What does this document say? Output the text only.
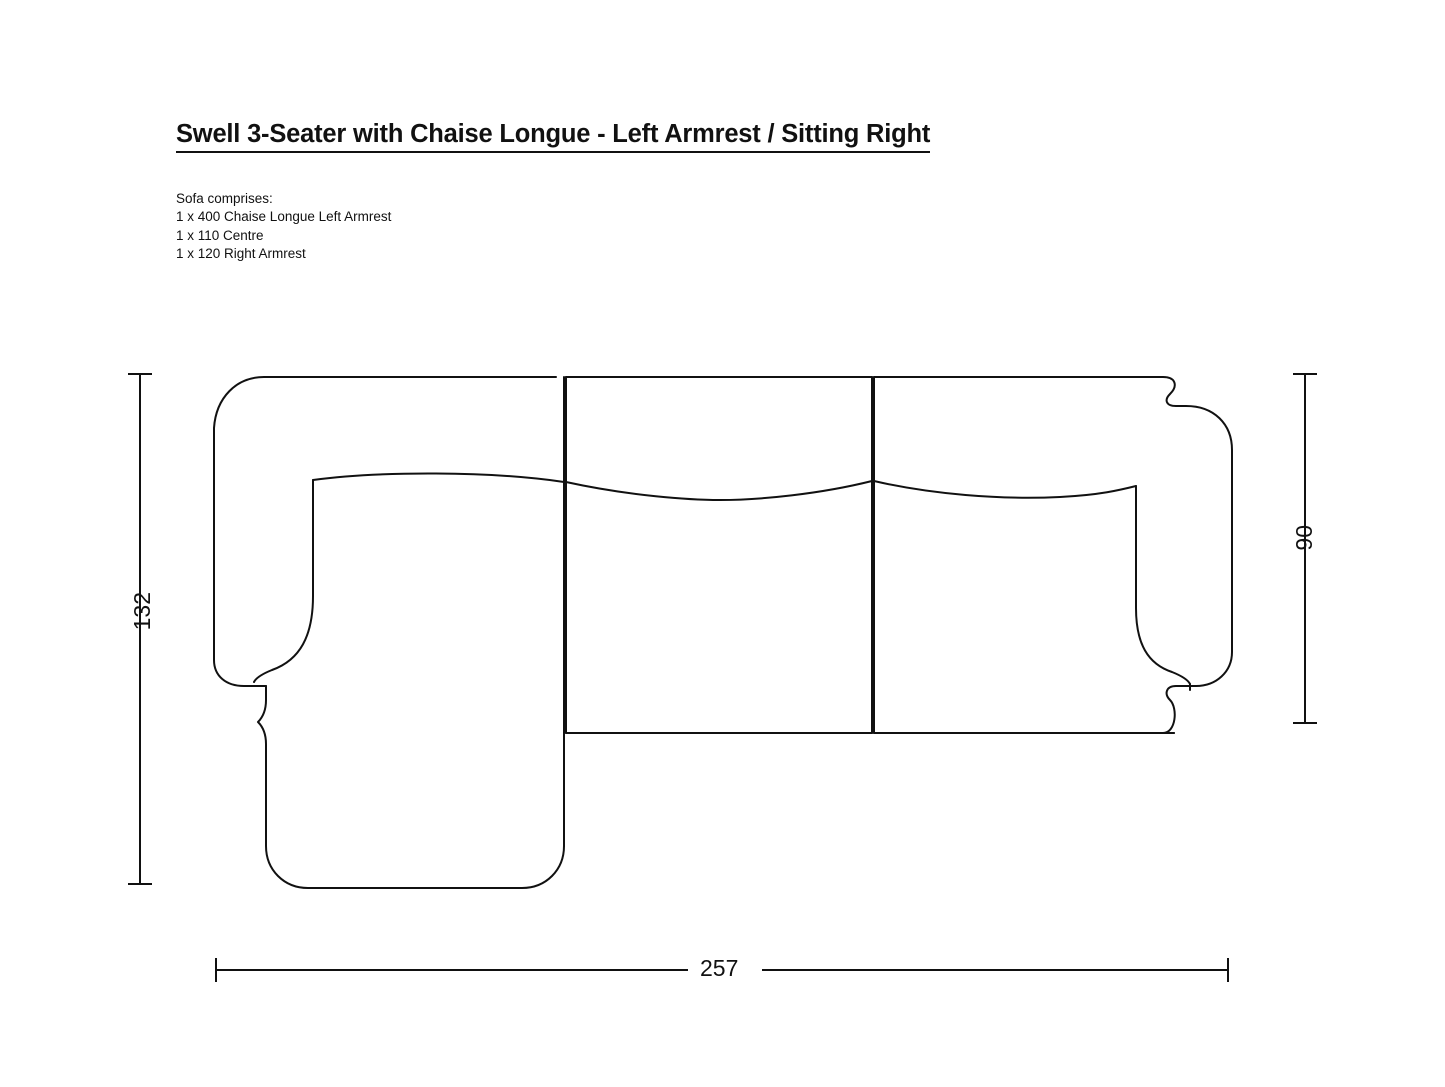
Swell 3-Seater with Chaise Longue - Left Armrest / Sitting Right
Sofa comprises:
1 x 400 Chaise Longue Left Armrest
1 x 110 Centre
1 x 120 Right Armrest
132
90
257
